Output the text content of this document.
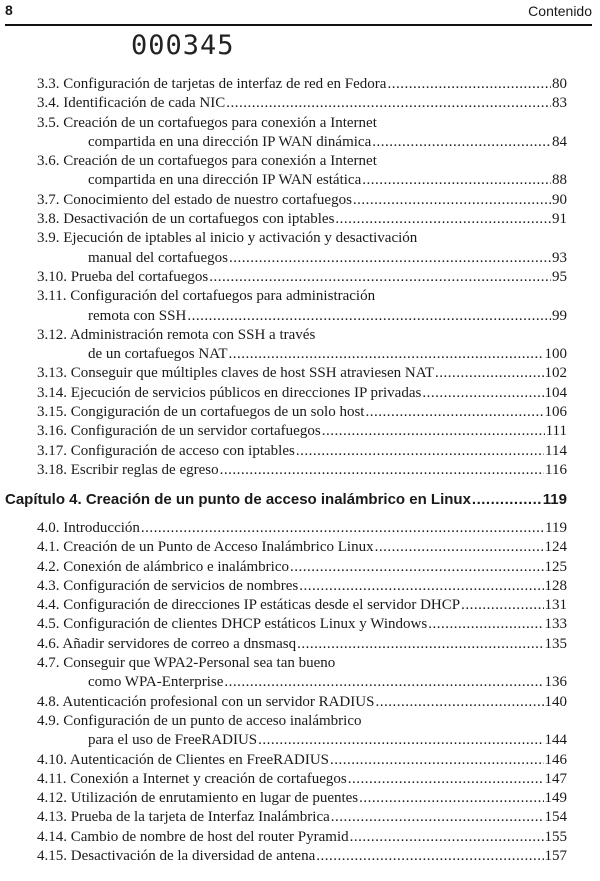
8	Contenido
000345
3.3. Configuración de tarjetas de interfaz de red en Fedora .....	80
3.4. Identificación de cada NIC .....	83
3.5. Creación de un cortafuegos para conexión a Internet
compartida en una dirección IP WAN dinámica .....	84
3.6. Creación de un cortafuegos para conexión a Internet
compartida en una dirección IP WAN estática .....	88
3.7. Conocimiento del estado de nuestro cortafuegos .....	90
3.8. Desactivación de un cortafuegos con iptables .....	91
3.9. Ejecución de iptables al inicio y activación y desactivación
manual del cortafuegos .....	93
3.10. Prueba del cortafuegos .....	95
3.11. Configuración del cortafuegos para administración
remota con SSH .....	99
3.12. Administración remota con SSH a través
de un cortafuegos NAT .....	100
3.13. Conseguir que múltiples claves de host SSH atraviesen NAT .....	102
3.14. Ejecución de servicios públicos en direcciones IP privadas .....	104
3.15. Congiguración de un cortafuegos de un solo host .....	106
3.16. Configuración de un servidor cortafuegos .....	111
3.17. Configuración de acceso con iptables .....	114
3.18. Escribir reglas de egreso .....	116
Capítulo 4. Creación de un punto de acceso inalámbrico en Linux .....	119
4.0. Introducción .....	119
4.1. Creación de un Punto de Acceso Inalámbrico Linux .....	124
4.2. Conexión de alámbrico e inalámbrico .....	125
4.3. Configuración de servicios de nombres .....	128
4.4. Configuración de direcciones IP estáticas desde el servidor DHCP .....	131
4.5. Configuración de clientes DHCP estáticos Linux y Windows .....	133
4.6. Añadir servidores de correo a dnsmasq .....	135
4.7. Conseguir que WPA2-Personal sea tan bueno
como WPA-Enterprise .....	136
4.8. Autenticación profesional con un servidor RADIUS .....	140
4.9. Configuración de un punto de acceso inalámbrico
para el uso de FreeRADIUS .....	144
4.10. Autenticación de Clientes en FreeRADIUS .....	146
4.11. Conexión a Internet y creación de cortafuegos .....	147
4.12. Utilización de enrutamiento en lugar de puentes .....	149
4.13. Prueba de la tarjeta de Interfaz Inalámbrica .....	154
4.14. Cambio de nombre de host del router Pyramid .....	155
4.15. Desactivación de la diversidad de antena .....	157
